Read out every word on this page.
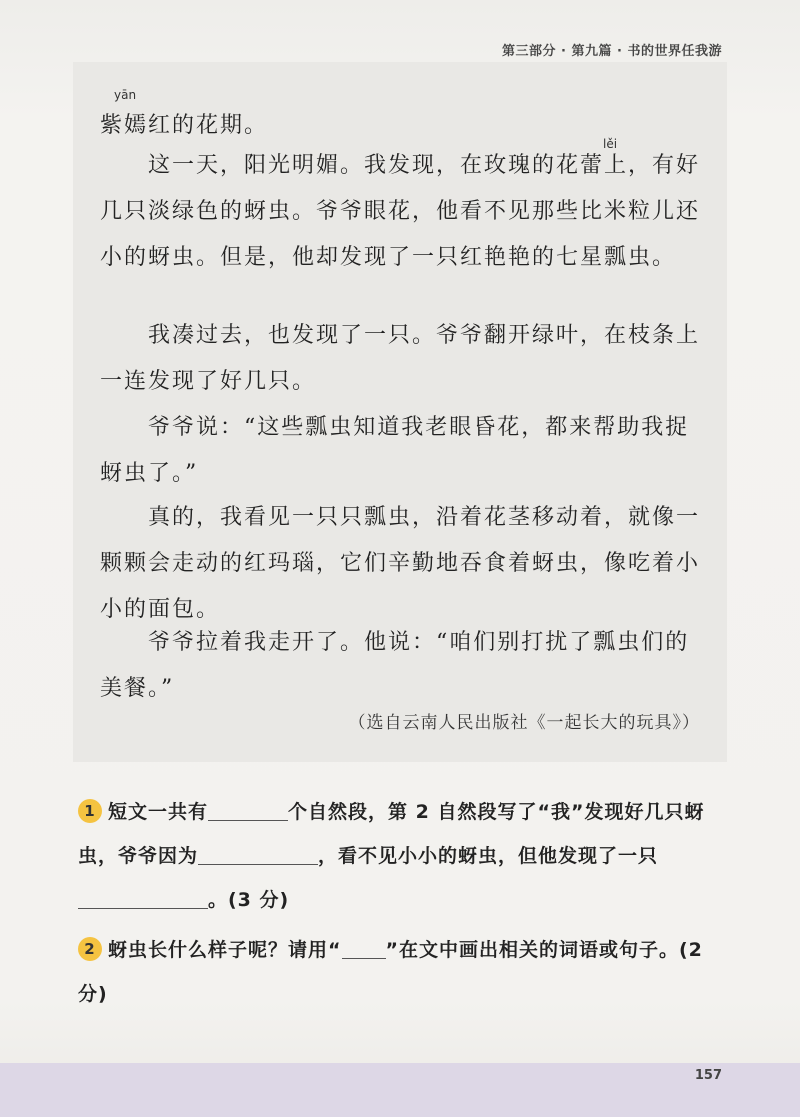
第三部分 · 第九篇 · 书的世界任我游
yān
lěi

紫嫣红的花期。

这一天，阳光明媚。我发现，在玫瑰的花蕾上，有好几只淡绿色的蚜虫。爷爷眼花，他看不见那些比米粒儿还小的蚜虫。但是，他却发现了一只红艳艳的七星瓢虫。

我凑过去，也发现了一只。爷爷翻开绿叶，在枝条上一连发现了好几只。

爷爷说：“这些瓢虫知道我老眼昏花，都来帮助我捉蚜虫了。”

真的，我看见一只只瓢虫，沿着花茎移动着，就像一颗颗会走动的红玛瑙，它们辛勤地吞食着蚜虫，像吃着小小的面包。

爷爷拉着我走开了。他说：“咱们别打扰了瓢虫们的美餐。”

（选自云南人民出版社《一起长大的玩具》）
1 短文一共有	个自然段，第 2 自然段写了“我”发现好几只蚜虫，爷爷因为	，看不见小小的蚜虫，但他发现了一只。(3 分)
2 蚜虫长什么样子呢？请用“ ”在文中画出相关的词语或句子。(2 分)
157
